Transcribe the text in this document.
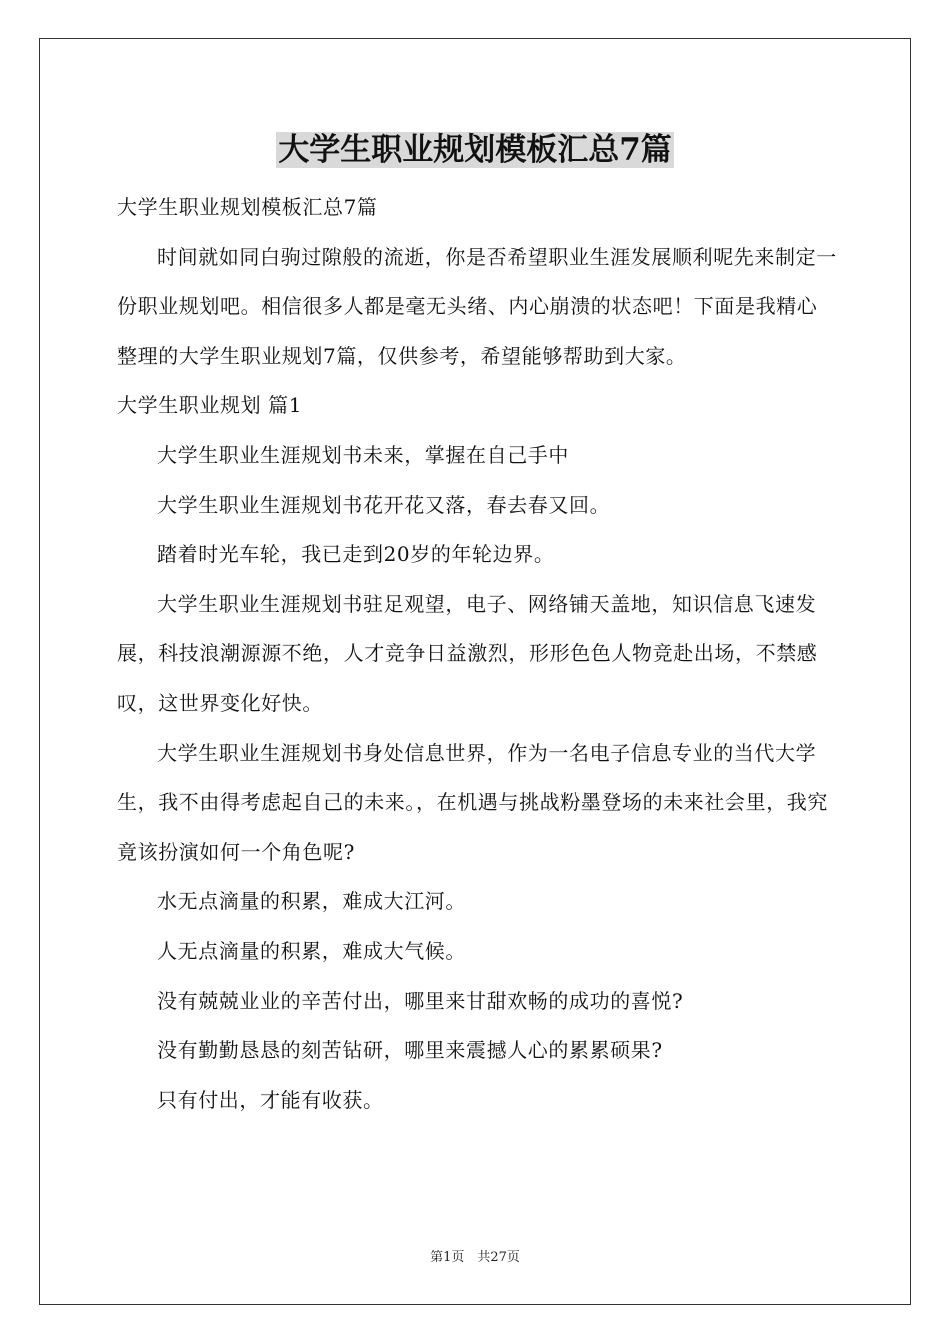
大学生职业规划模板汇总7篇

大学生职业规划模板汇总7篇

时间就如同白驹过隙般的流逝，你是否希望职业生涯发展顺利呢先来制定一份职业规划吧。相信很多人都是毫无头绪、内心崩溃的状态吧！下面是我精心整理的大学生职业规划7篇，仅供参考，希望能够帮助到大家。

大学生职业规划 篇1

大学生职业生涯规划书未来，掌握在自己手中

大学生职业生涯规划书花开花又落，春去春又回。

踏着时光车轮，我已走到20岁的年轮边界。

大学生职业生涯规划书驻足观望，电子、网络铺天盖地，知识信息飞速发展，科技浪潮源源不绝，人才竞争日益激烈，形形色色人物竞赴出场，不禁感叹，这世界变化好快。

大学生职业生涯规划书身处信息世界，作为一名电子信息专业的当代大学生，我不由得考虑起自己的未来。，在机遇与挑战粉墨登场的未来社会里，我究竟该扮演如何一个角色呢?

水无点滴量的积累，难成大江河。

人无点滴量的积累，难成大气候。

没有兢兢业业的辛苦付出，哪里来甘甜欢畅的成功的喜悦?

没有勤勤恳恳的刻苦钻研，哪里来震撼人心的累累硕果?

只有付出，才能有收获。

第1页　共27页
